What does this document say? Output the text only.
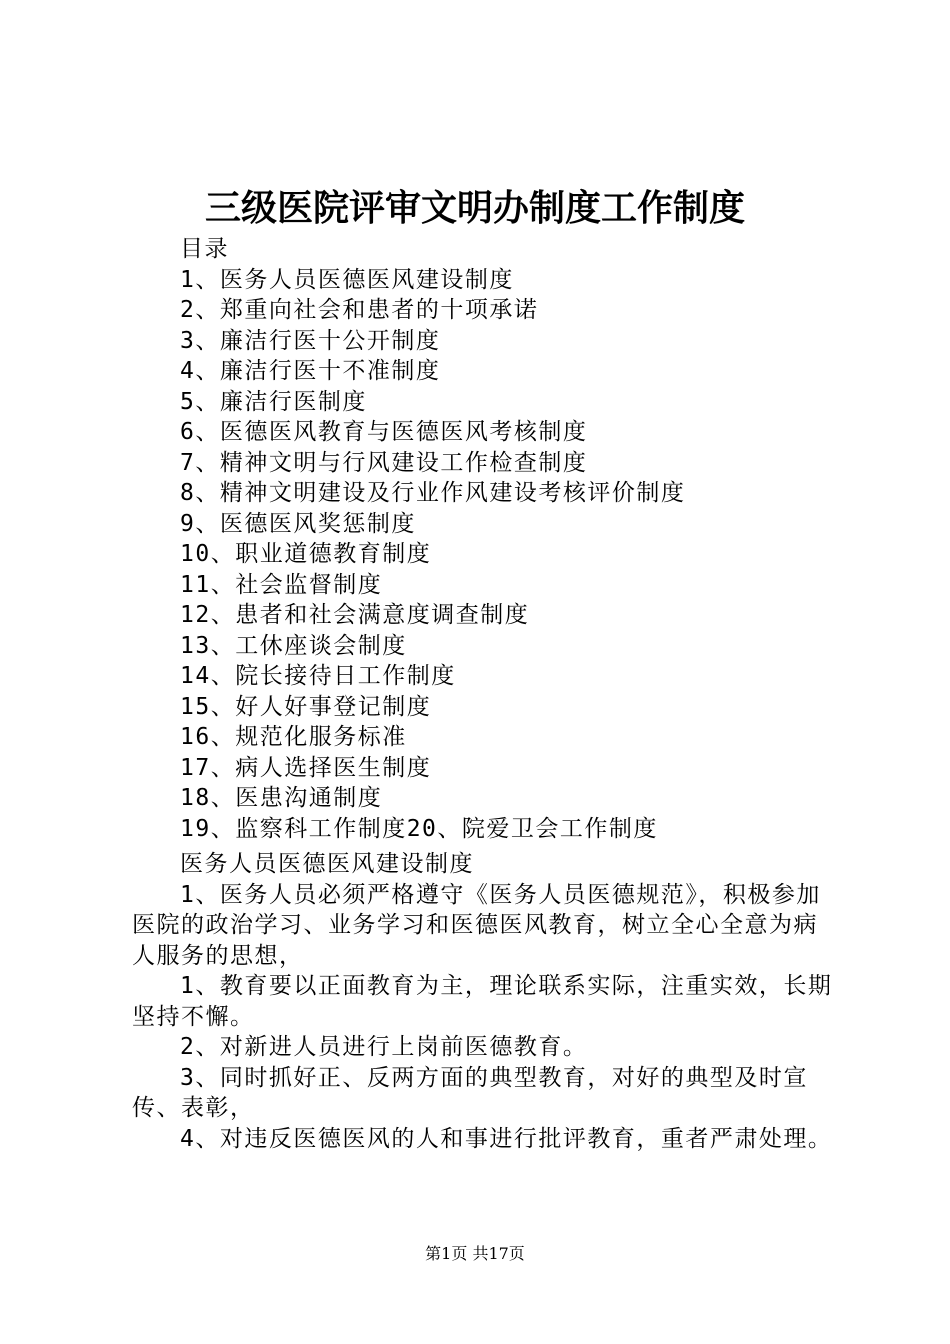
三级医院评审文明办制度工作制度
目录
1、医务人员医德医风建设制度
2、郑重向社会和患者的十项承诺
3、廉洁行医十公开制度
4、廉洁行医十不准制度
5、廉洁行医制度
6、医德医风教育与医德医风考核制度
7、精神文明与行风建设工作检查制度
8、精神文明建设及行业作风建设考核评价制度
9、医德医风奖惩制度
10、职业道德教育制度
11、社会监督制度
12、患者和社会满意度调查制度
13、工休座谈会制度
14、院长接待日工作制度
15、好人好事登记制度
16、规范化服务标准
17、病人选择医生制度
18、医患沟通制度
19、监察科工作制度20、院爱卫会工作制度

医务人员医德医风建设制度

1、医务人员必须严格遵守《医务人员医德规范》，积极参加医院的政治学习、业务学习和医德医风教育，树立全心全意为病人服务的思想，

1、教育要以正面教育为主，理论联系实际，注重实效，长期坚持不懈。

2、对新进人员进行上岗前医德教育。

3、同时抓好正、反两方面的典型教育，对好的典型及时宣传、表彰，

4、对违反医德医风的人和事进行批评教育，重者严肃处理。

第1页 共17页
